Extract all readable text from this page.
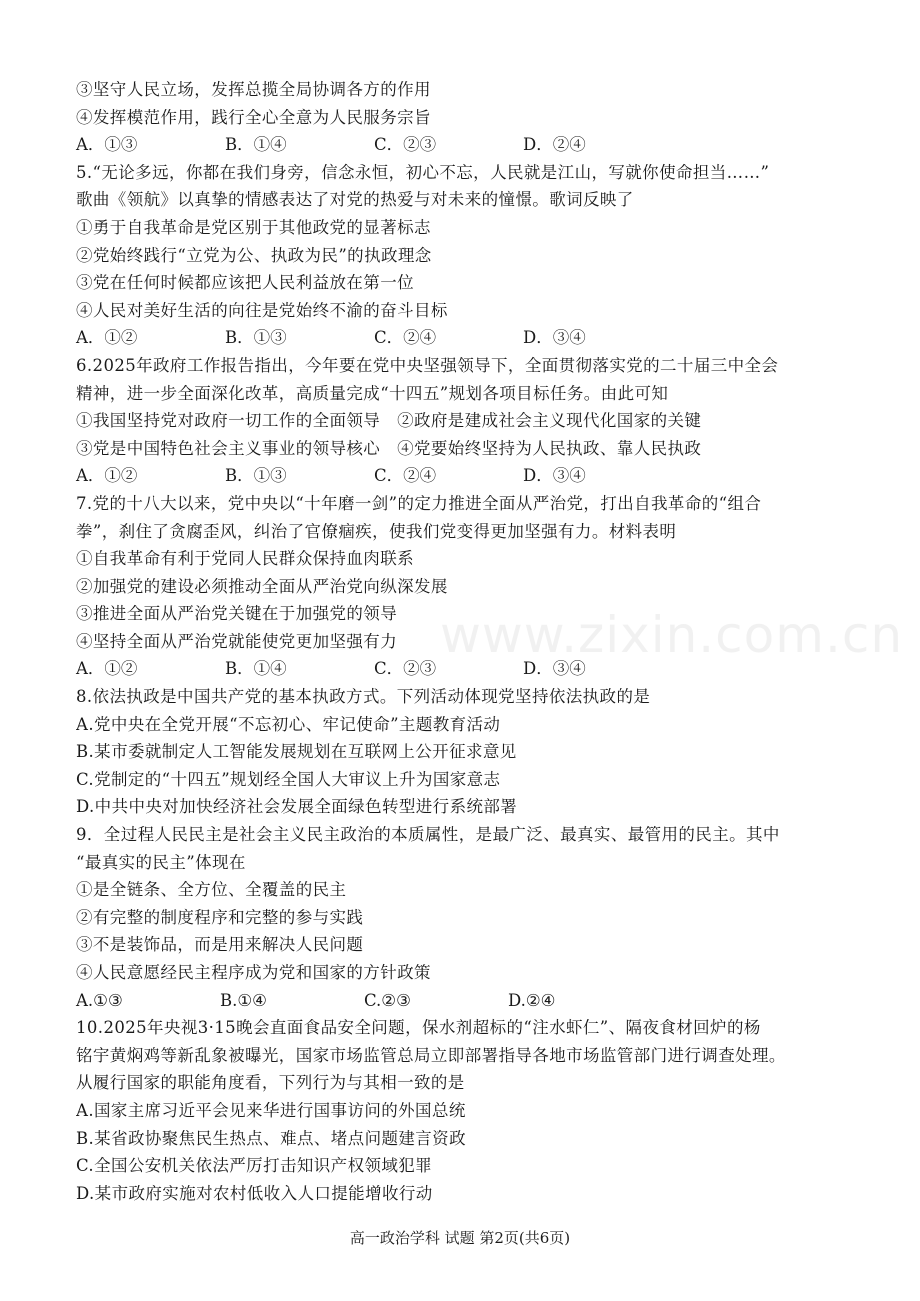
③坚守人民立场，发挥总揽全局协调各方的作用
④发挥模范作用，践行全心全意为人民服务宗旨
A．①③	B．①④	C．②③	D．②④
5.“无论多远，你都在我们身旁，信念永恒，初心不忘，人民就是江山，写就你使命担当……”
歌曲《领航》以真挚的情感表达了对党的热爱与对未来的憧憬。歌词反映了
①勇于自我革命是党区别于其他政党的显著标志
②党始终践行“立党为公、执政为民”的执政理念
③党在任何时候都应该把人民利益放在第一位
④人民对美好生活的向往是党始终不渝的奋斗目标
A．①②	B．①③	C．②④	D．③④
6.2025年政府工作报告指出，今年要在党中央坚强领导下，全面贯彻落实党的二十届三中全会
精神，进一步全面深化改革，高质量完成“十四五”规划各项目标任务。由此可知
①我国坚持党对政府一切工作的全面领导　②政府是建成社会主义现代化国家的关键
③党是中国特色社会主义事业的领导核心　④党要始终坚持为人民执政、靠人民执政
A．①②	B．①③	C．②④	D．③④
7.党的十八大以来，党中央以“十年磨一剑”的定力推进全面从严治党，打出自我革命的“组合
拳”，刹住了贪腐歪风，纠治了官僚痼疾，使我们党变得更加坚强有力。材料表明
①自我革命有利于党同人民群众保持血肉联系
②加强党的建设必须推动全面从严治党向纵深发展
③推进全面从严治党关键在于加强党的领导
④坚持全面从严治党就能使党更加坚强有力
A．①②	B．①④	C．②③	D．③④
8.依法执政是中国共产党的基本执政方式。下列活动体现党坚持依法执政的是
A.党中央在全党开展“不忘初心、牢记使命”主题教育活动
B.某市委就制定人工智能发展规划在互联网上公开征求意见
C.党制定的“十四五”规划经全国人大审议上升为国家意志
D.中共中央对加快经济社会发展全面绿色转型进行系统部署
9．全过程人民民主是社会主义民主政治的本质属性，是最广泛、最真实、最管用的民主。其中
“最真实的民主”体现在
①是全链条、全方位、全覆盖的民主
②有完整的制度程序和完整的参与实践
③不是装饰品，而是用来解决人民问题
④人民意愿经民主程序成为党和国家的方针政策
A.①③	B.①④	C.②③	D.②④
10.2025年央视3·15晚会直面食品安全问题，保水剂超标的“注水虾仁”、隔夜食材回炉的杨
铭宇黄焖鸡等新乱象被曝光，国家市场监管总局立即部署指导各地市场监管部门进行调查处理。
从履行国家的职能角度看，下列行为与其相一致的是
A.国家主席习近平会见来华进行国事访问的外国总统
B.某省政协聚焦民生热点、难点、堵点问题建言资政
C.全国公安机关依法严厉打击知识产权领域犯罪
D.某市政府实施对农村低收入人口提能增收行动
www.zixin.com.cn
高一政治学科 试题 第2页(共6页)
